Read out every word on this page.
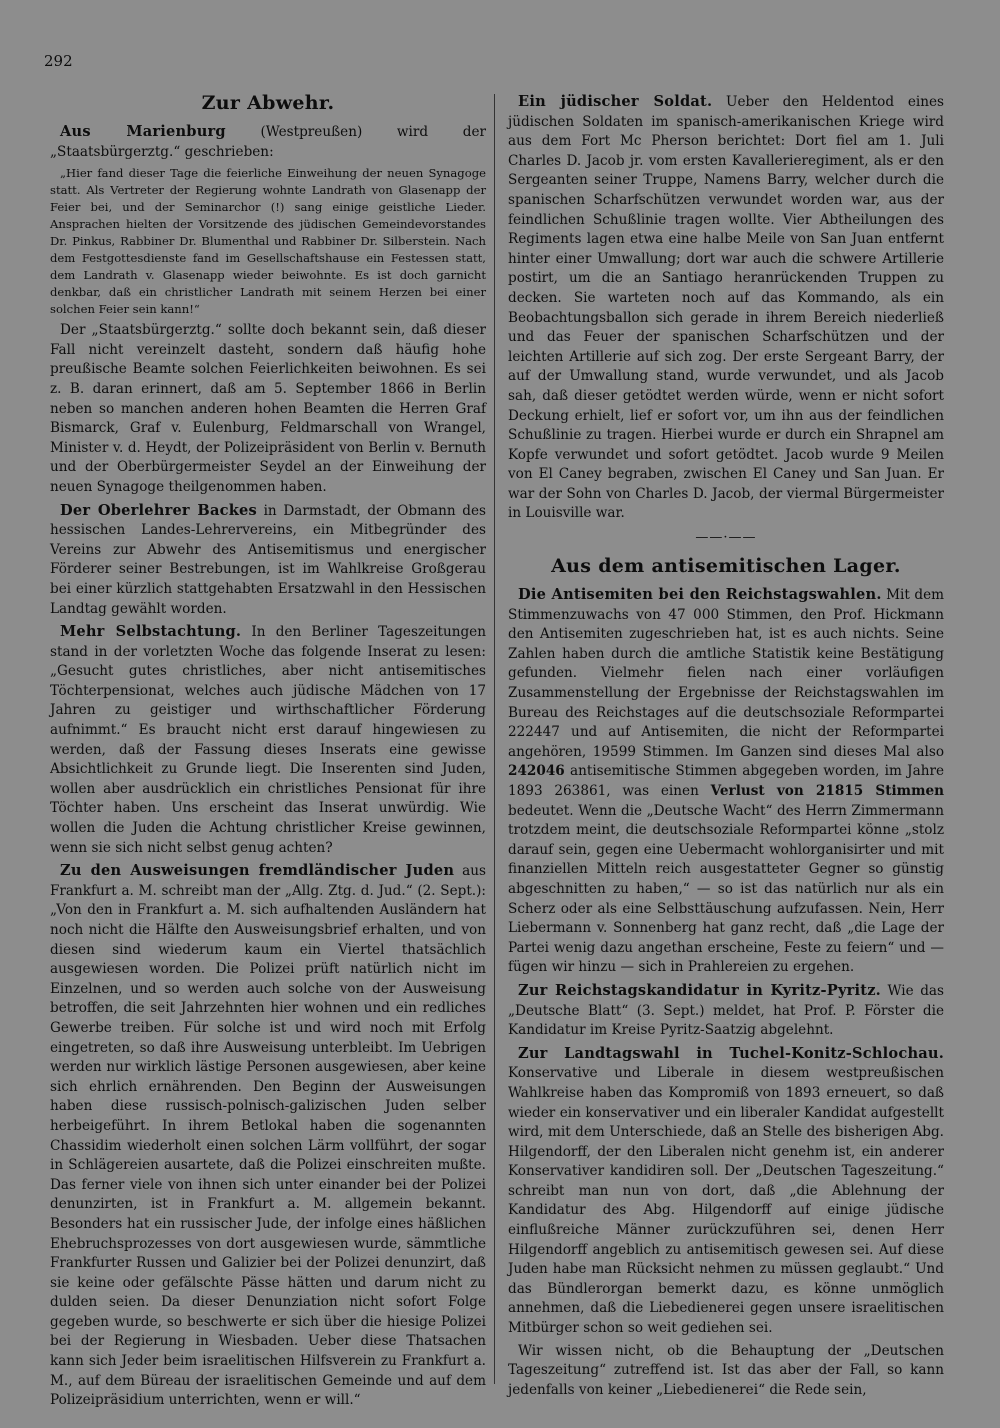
292
Zur Abwehr.

Aus Marienburg (Westpreußen) wird der „Staatsbürgerztg.“ geschrieben:

„Hier fand dieser Tage die feierliche Einweihung der neuen Synagoge statt. Als Vertreter der Regierung wohnte Landrath von Glasenapp der Feier bei, und der Seminarchor (!) sang einige geistliche Lieder. Ansprachen hielten der Vorsitzende des jüdischen Gemeindevorstandes Dr. Pinkus, Rabbiner Dr. Blumenthal und Rabbiner Dr. Silberstein. Nach dem Festgottesdienste fand im Gesellschaftshause ein Festessen statt, dem Landrath v. Glasenapp wieder beiwohnte. Es ist doch garnicht denkbar, daß ein christlicher Landrath mit seinem Herzen bei einer solchen Feier sein kann!“

Der „Staatsbürgerztg.“ sollte doch bekannt sein, daß dieser Fall nicht vereinzelt dasteht, sondern daß häufig hohe preußische Beamte solchen Feierlichkeiten beiwohnen. Es sei z. B. daran erinnert, daß am 5. September 1866 in Berlin neben so manchen anderen hohen Beamten die Herren Graf Bismarck, Graf v. Eulenburg, Feldmarschall von Wrangel, Minister v. d. Heydt, der Polizeipräsident von Berlin v. Bernuth und der Oberbürgermeister Seydel an der Einweihung der neuen Synagoge theilgenommen haben.

Der Oberlehrer Backes in Darmstadt, der Obmann des hessischen Landes-Lehrervereins, ein Mitbegründer des Vereins zur Abwehr des Antisemitismus und energischer Förderer seiner Bestrebungen, ist im Wahlkreise Großgerau bei einer kürzlich stattgehabten Ersatzwahl in den Hessischen Landtag gewählt worden.

Mehr Selbstachtung. In den Berliner Tageszeitungen stand in der vorletzten Woche das folgende Inserat zu lesen: „Gesucht gutes christliches, aber nicht antisemitisches Töchterpensionat, welches auch jüdische Mädchen von 17 Jahren zu geistiger und wirthschaftlicher Förderung aufnimmt.“ Es braucht nicht erst darauf hingewiesen zu werden, daß der Fassung dieses Inserats eine gewisse Absichtlichkeit zu Grunde liegt. Die Inserenten sind Juden, wollen aber ausdrücklich ein christliches Pensionat für ihre Töchter haben. Uns erscheint das Inserat unwürdig. Wie wollen die Juden die Achtung christlicher Kreise gewinnen, wenn sie sich nicht selbst genug achten?

Zu den Ausweisungen fremdländischer Juden aus Frankfurt a. M. schreibt man der „Allg. Ztg. d. Jud.“ (2. Sept.): „Von den in Frankfurt a. M. sich aufhaltenden Ausländern hat noch nicht die Hälfte den Ausweisungsbrief erhalten, und von diesen sind wiederum kaum ein Viertel thatsächlich ausgewiesen worden. Die Polizei prüft natürlich nicht im Einzelnen, und so werden auch solche von der Ausweisung betroffen, die seit Jahrzehnten hier wohnen und ein redliches Gewerbe treiben. Für solche ist und wird noch mit Erfolg eingetreten, so daß ihre Ausweisung unterbleibt. Im Uebrigen werden nur wirklich lästige Personen ausgewiesen, aber keine sich ehrlich ernährenden. Den Beginn der Ausweisungen haben diese russisch-polnisch-galizischen Juden selber herbeigeführt. In ihrem Betlokal haben die sogenannten Chassidim wiederholt einen solchen Lärm vollführt, der sogar in Schlägereien ausartete, daß die Polizei einschreiten mußte. Das ferner viele von ihnen sich unter einander bei der Polizei denunzirten, ist in Frankfurt a. M. allgemein bekannt. Besonders hat ein russischer Jude, der infolge eines häßlichen Ehebruchsprozesses von dort ausgewiesen wurde, sämmtliche Frankfurter Russen und Galizier bei der Polizei denunzirt, daß sie keine oder gefälschte Pässe hätten und darum nicht zu dulden seien. Da dieser Denunziation nicht sofort Folge gegeben wurde, so beschwerte er sich über die hiesige Polizei bei der Regierung in Wiesbaden. Ueber diese Thatsachen kann sich Jeder beim israelitischen Hilfsverein zu Frankfurt a. M., auf dem Büreau der israelitischen Gemeinde und auf dem Polizeipräsidium unterrichten, wenn er will.“

Ein jüdischer Soldat. Ueber den Heldentod eines jüdischen Soldaten im spanisch-amerikanischen Kriege wird aus dem Fort Mc Pherson berichtet: Dort fiel am 1. Juli Charles D. Jacob jr. vom ersten Kavallerieregiment, als er den Sergeanten seiner Truppe, Namens Barry, welcher durch die spanischen Scharfschützen verwundet worden war, aus der feindlichen Schußlinie tragen wollte. Vier Abtheilungen des Regiments lagen etwa eine halbe Meile von San Juan entfernt hinter einer Umwallung; dort war auch die schwere Artillerie postirt, um die an Santiago heranrückenden Truppen zu decken. Sie warteten noch auf das Kommando, als ein Beobachtungsballon sich gerade in ihrem Bereich niederließ und das Feuer der spanischen Scharfschützen und der leichten Artillerie auf sich zog. Der erste Sergeant Barry, der auf der Umwallung stand, wurde verwundet, und als Jacob sah, daß dieser getödtet werden würde, wenn er nicht sofort Deckung erhielt, lief er sofort vor, um ihn aus der feindlichen Schußlinie zu tragen. Hierbei wurde er durch ein Shrapnel am Kopfe verwundet und sofort getödtet. Jacob wurde 9 Meilen von El Caney begraben, zwischen El Caney und San Juan. Er war der Sohn von Charles D. Jacob, der viermal Bürgermeister in Louisville war.

——·——
Aus dem antisemitischen Lager.

Die Antisemiten bei den Reichstagswahlen. Mit dem Stimmenzuwachs von 47 000 Stimmen, den Prof. Hickmann den Antisemiten zugeschrieben hat, ist es auch nichts. Seine Zahlen haben durch die amtliche Statistik keine Bestätigung gefunden. Vielmehr fielen nach einer vorläufigen Zusammenstellung der Ergebnisse der Reichstagswahlen im Bureau des Reichstages auf die deutschsoziale Reformpartei 222447 und auf Antisemiten, die nicht der Reformpartei angehören, 19599 Stimmen. Im Ganzen sind dieses Mal also 242046 antisemitische Stimmen abgegeben worden, im Jahre 1893 263861, was einen Verlust von 21815 Stimmen bedeutet. Wenn die „Deutsche Wacht“ des Herrn Zimmermann trotzdem meint, die deutschsoziale Reformpartei könne „stolz darauf sein, gegen eine Uebermacht wohlorganisirter und mit finanziellen Mitteln reich ausgestatteter Gegner so günstig abgeschnitten zu haben,“ — so ist das natürlich nur als ein Scherz oder als eine Selbsttäuschung aufzufassen. Nein, Herr Liebermann v. Sonnenberg hat ganz recht, daß „die Lage der Partei wenig dazu angethan erscheine, Feste zu feiern“ und — fügen wir hinzu — sich in Prahlereien zu ergehen.

Zur Reichstagskandidatur in Kyritz-Pyritz. Wie das „Deutsche Blatt“ (3. Sept.) meldet, hat Prof. P. Förster die Kandidatur im Kreise Pyritz-Saatzig abgelehnt.

Zur Landtagswahl in Tuchel-Konitz-Schlochau. Konservative und Liberale in diesem westpreußischen Wahlkreise haben das Kompromiß von 1893 erneuert, so daß wieder ein konservativer und ein liberaler Kandidat aufgestellt wird, mit dem Unterschiede, daß an Stelle des bisherigen Abg. Hilgendorff, der den Liberalen nicht genehm ist, ein anderer Konservativer kandidiren soll. Der „Deutschen Tageszeitung.“ schreibt man nun von dort, daß „die Ablehnung der Kandidatur des Abg. Hilgendorff auf einige jüdische einflußreiche Männer zurückzuführen sei, denen Herr Hilgendorff angeblich zu antisemitisch gewesen sei. Auf diese Juden habe man Rücksicht nehmen zu müssen geglaubt.“ Und das Bündlerorgan bemerkt dazu, es könne unmöglich annehmen, daß die Liebedienerei gegen unsere israelitischen Mitbürger schon so weit gediehen sei.

Wir wissen nicht, ob die Behauptung der „Deutschen Tageszeitung“ zutreffend ist. Ist das aber der Fall, so kann jedenfalls von keiner „Liebedienerei“ die Rede sein,
